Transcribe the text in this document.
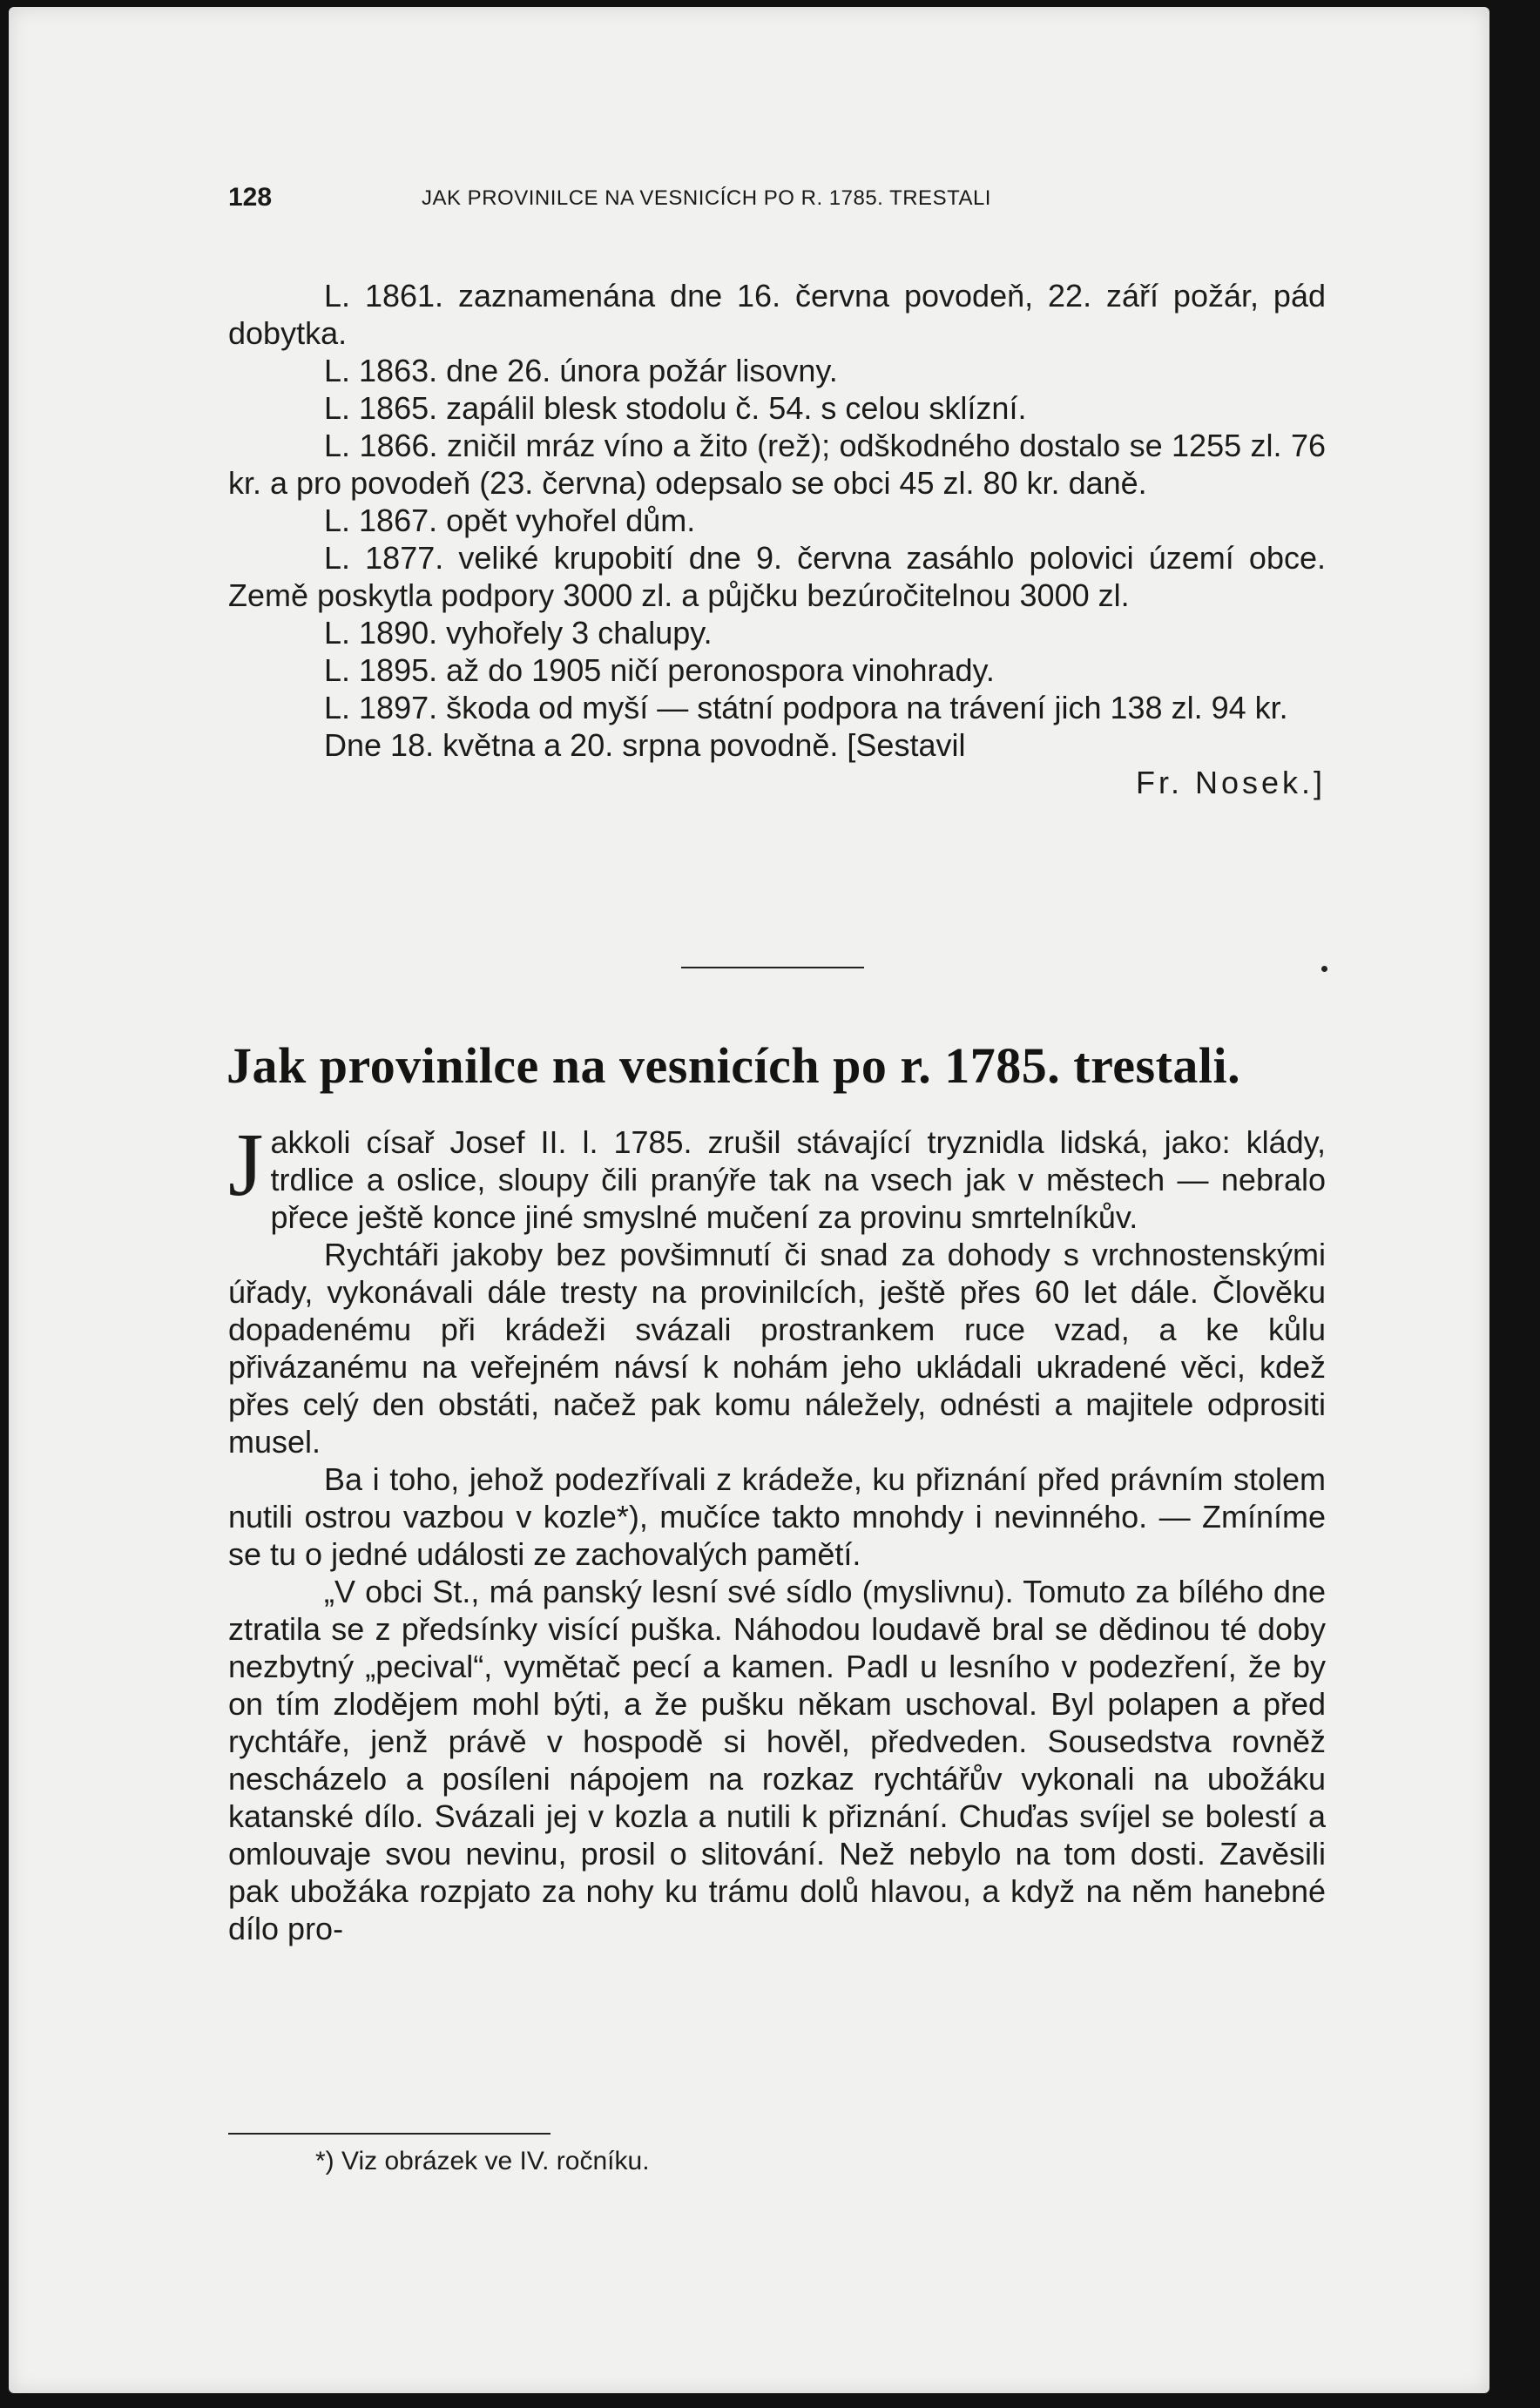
128	JAK PROVINILCE NA VESNICÍCH PO R. 1785. TRESTALI

L. 1861. zaznamenána dne 16. června povodeň, 22. září požár, pád dobytka.

L. 1863. dne 26. února požár lisovny.

L. 1865. zapálil blesk stodolu č. 54. s celou sklízní.

L. 1866. zničil mráz víno a žito (rež); odškodného dostalo se 1255 zl. 76 kr. a pro povodeň (23. června) odepsalo se obci 45 zl. 80 kr. daně.

L. 1867. opět vyhořel dům.

L. 1877. veliké krupobití dne 9. června zasáhlo polovici území obce. Země poskytla podpory 3000 zl. a půjčku bezúročitelnou 3000 zl.

L. 1890. vyhořely 3 chalupy.

L. 1895. až do 1905 ničí peronospora vinohrady.

L. 1897. škoda od myší — státní podpora na trávení jich 138 zl. 94 kr.

Dne 18. května a 20. srpna povodně. [Sestavil

Fr. Nosek.]

Jak provinilce na vesnicích po r. 1785. trestali.

Jakkoli císař Josef II. l. 1785. zrušil stávající tryznidla lidská, jako: klády, trdlice a oslice, sloupy čili pranýře tak na vsech jak v městech — nebralo přece ještě konce jiné smyslné mučení za provinu smrtelníkův.

Rychtáři jakoby bez povšimnutí či snad za dohody s vrchnostenskými úřady, vykonávali dále tresty na provinilcích, ještě přes 60 let dále. Člověku dopadenému při krádeži svázali prostrankem ruce vzad, a ke kůlu přivázanému na veřejném návsí k nohám jeho ukládali ukradené věci, kdež přes celý den obstáti, načež pak komu náležely, odnésti a majitele odprositi musel.

Ba i toho, jehož podezřívali z krádeže, ku přiznání před právním stolem nutili ostrou vazbou v kozle*), mučíce takto mnohdy i nevinného. — Zmíníme se tu o jedné události ze zachovalých pamětí.

„V obci St., má panský lesní své sídlo (myslivnu). Tomuto za bílého dne ztratila se z předsínky visící puška. Náhodou loudavě bral se dědinou té doby nezbytný „pecival“, vymětač pecí a kamen. Padl u lesního v podezření, že by on tím zlodějem mohl býti, a že pušku někam uschoval. Byl polapen a před rychtáře, jenž právě v hospodě si hověl, předveden. Sousedstva rovněž nescházelo a posíleni nápojem na rozkaz rychtářův vykonali na ubožáku katanské dílo. Svázali jej v kozla a nutili k přiznání. Chuďas svíjel se bolestí a omlouvaje svou nevinu, prosil o slitování. Než nebylo na tom dosti. Zavěsili pak ubožáka rozpjato za nohy ku trámu dolů hlavou, a když na něm hanebné dílo pro-

*) Viz obrázek ve IV. ročníku.
